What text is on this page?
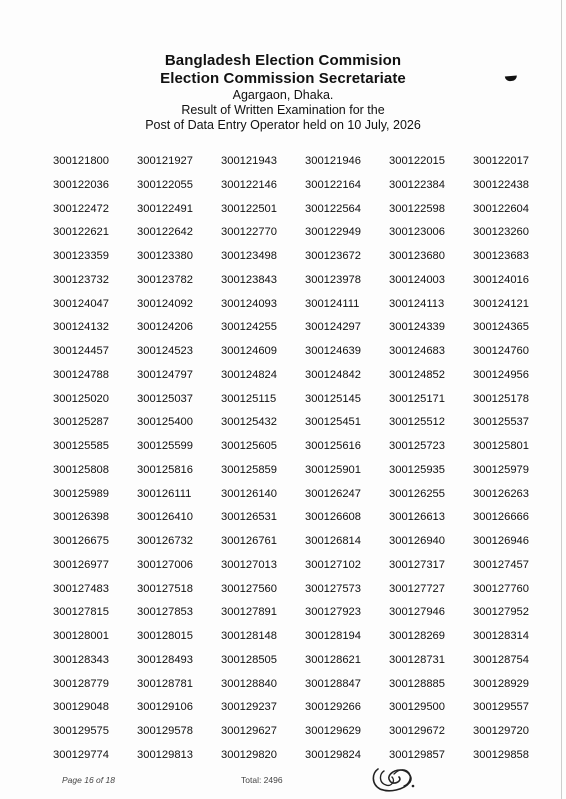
Bangladesh Election Commision
Election Commission Secretariate
Agargaon, Dhaka.
Result of Written Examination for the
Post of Data Entry Operator held on 10 July, 2026
300121800	300121927	300121943	300121946	300122015	300122017
300122036	300122055	300122146	300122164	300122384	300122438
300122472	300122491	300122501	300122564	300122598	300122604
300122621	300122642	300122770	300122949	300123006	300123260
300123359	300123380	300123498	300123672	300123680	300123683
300123732	300123782	300123843	300123978	300124003	300124016
300124047	300124092	300124093	300124111	300124113	300124121
300124132	300124206	300124255	300124297	300124339	300124365
300124457	300124523	300124609	300124639	300124683	300124760
300124788	300124797	300124824	300124842	300124852	300124956
300125020	300125037	300125115	300125145	300125171	300125178
300125287	300125400	300125432	300125451	300125512	300125537
300125585	300125599	300125605	300125616	300125723	300125801
300125808	300125816	300125859	300125901	300125935	300125979
300125989	300126111	300126140	300126247	300126255	300126263
300126398	300126410	300126531	300126608	300126613	300126666
300126675	300126732	300126761	300126814	300126940	300126946
300126977	300127006	300127013	300127102	300127317	300127457
300127483	300127518	300127560	300127573	300127727	300127760
300127815	300127853	300127891	300127923	300127946	300127952
300128001	300128015	300128148	300128194	300128269	300128314
300128343	300128493	300128505	300128621	300128731	300128754
300128779	300128781	300128840	300128847	300128885	300128929
300129048	300129106	300129237	300129266	300129500	300129557
300129575	300129578	300129627	300129629	300129672	300129720
300129774	300129813	300129820	300129824	300129857	300129858
Page 16 of 18	Total: 2496
